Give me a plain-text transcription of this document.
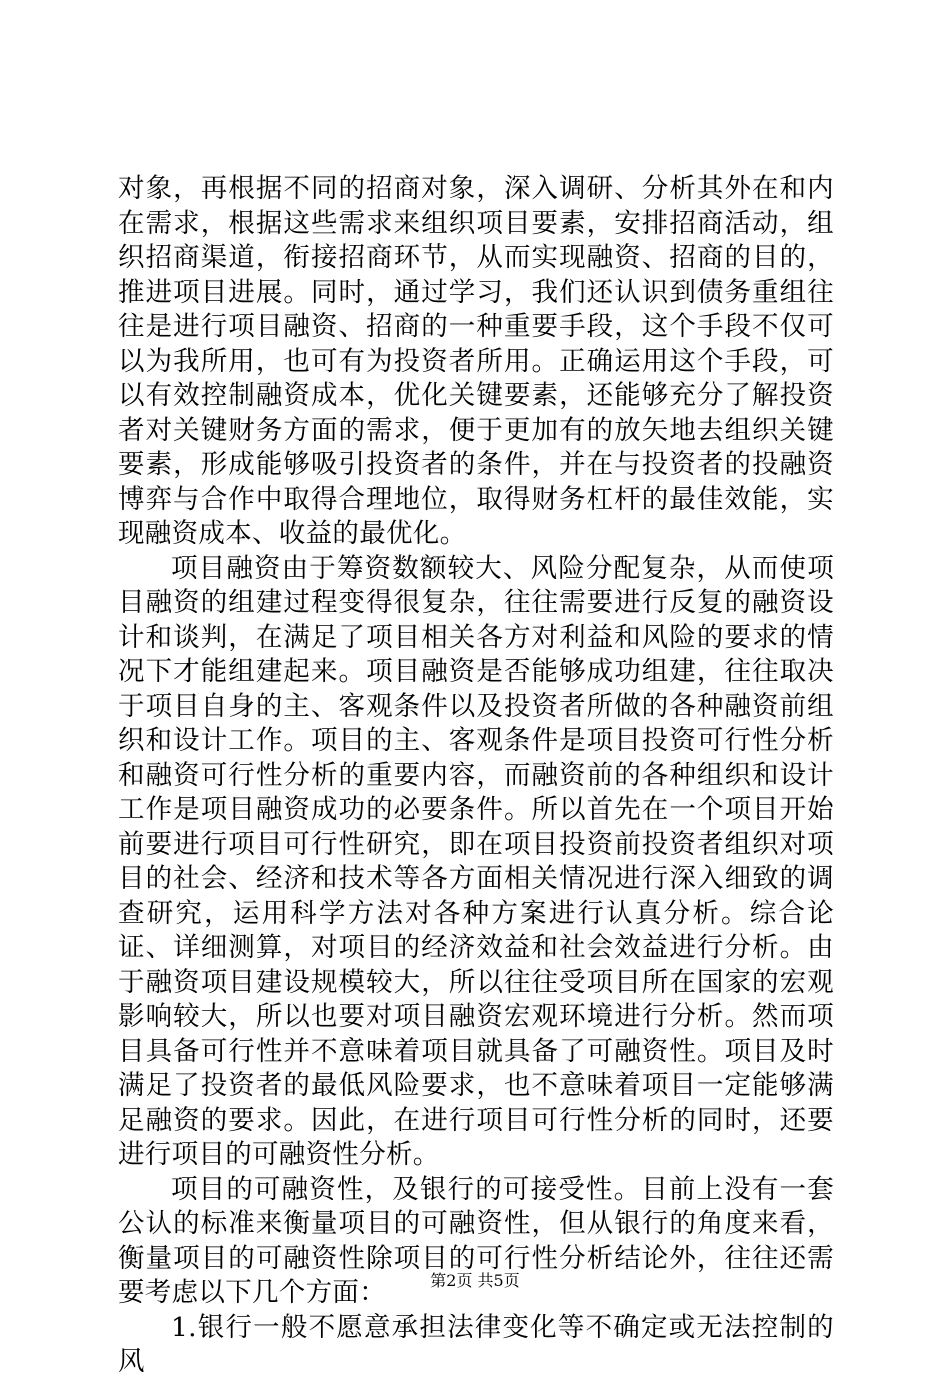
对象，再根据不同的招商对象，深入调研、分析其外在和内在需求，根据这些需求来组织项目要素，安排招商活动，组织招商渠道，衔接招商环节，从而实现融资、招商的目的，推进项目进展。同时，通过学习，我们还认识到债务重组往往是进行项目融资、招商的一种重要手段，这个手段不仅可以为我所用，也可有为投资者所用。正确运用这个手段，可以有效控制融资成本，优化关键要素，还能够充分了解投资者对关键财务方面的需求，便于更加有的放矢地去组织关键要素，形成能够吸引投资者的条件，并在与投资者的投融资博弈与合作中取得合理地位，取得财务杠杆的最佳效能，实现融资成本、收益的最优化。

项目融资由于筹资数额较大、风险分配复杂，从而使项目融资的组建过程变得很复杂，往往需要进行反复的融资设计和谈判，在满足了项目相关各方对利益和风险的要求的情况下才能组建起来。项目融资是否能够成功组建，往往取决于项目自身的主、客观条件以及投资者所做的各种融资前组织和设计工作。项目的主、客观条件是项目投资可行性分析和融资可行性分析的重要内容，而融资前的各种组织和设计工作是项目融资成功的必要条件。所以首先在一个项目开始前要进行项目可行性研究，即在项目投资前投资者组织对项目的社会、经济和技术等各方面相关情况进行深入细致的调查研究，运用科学方法对各种方案进行认真分析。综合论证、详细测算，对项目的经济效益和社会效益进行分析。由于融资项目建设规模较大，所以往往受项目所在国家的宏观影响较大，所以也要对项目融资宏观环境进行分析。然而项目具备可行性并不意味着项目就具备了可融资性。项目及时满足了投资者的最低风险要求，也不意味着项目一定能够满足融资的要求。因此，在进行项目可行性分析的同时，还要进行项目的可融资性分析。

项目的可融资性，及银行的可接受性。目前上没有一套公认的标准来衡量项目的可融资性，但从银行的角度来看，衡量项目的可融资性除项目的可行性分析结论外，往往还需要考虑以下几个方面：

1.银行一般不愿意承担法律变化等不确定或无法控制的风

第2页 共5页
